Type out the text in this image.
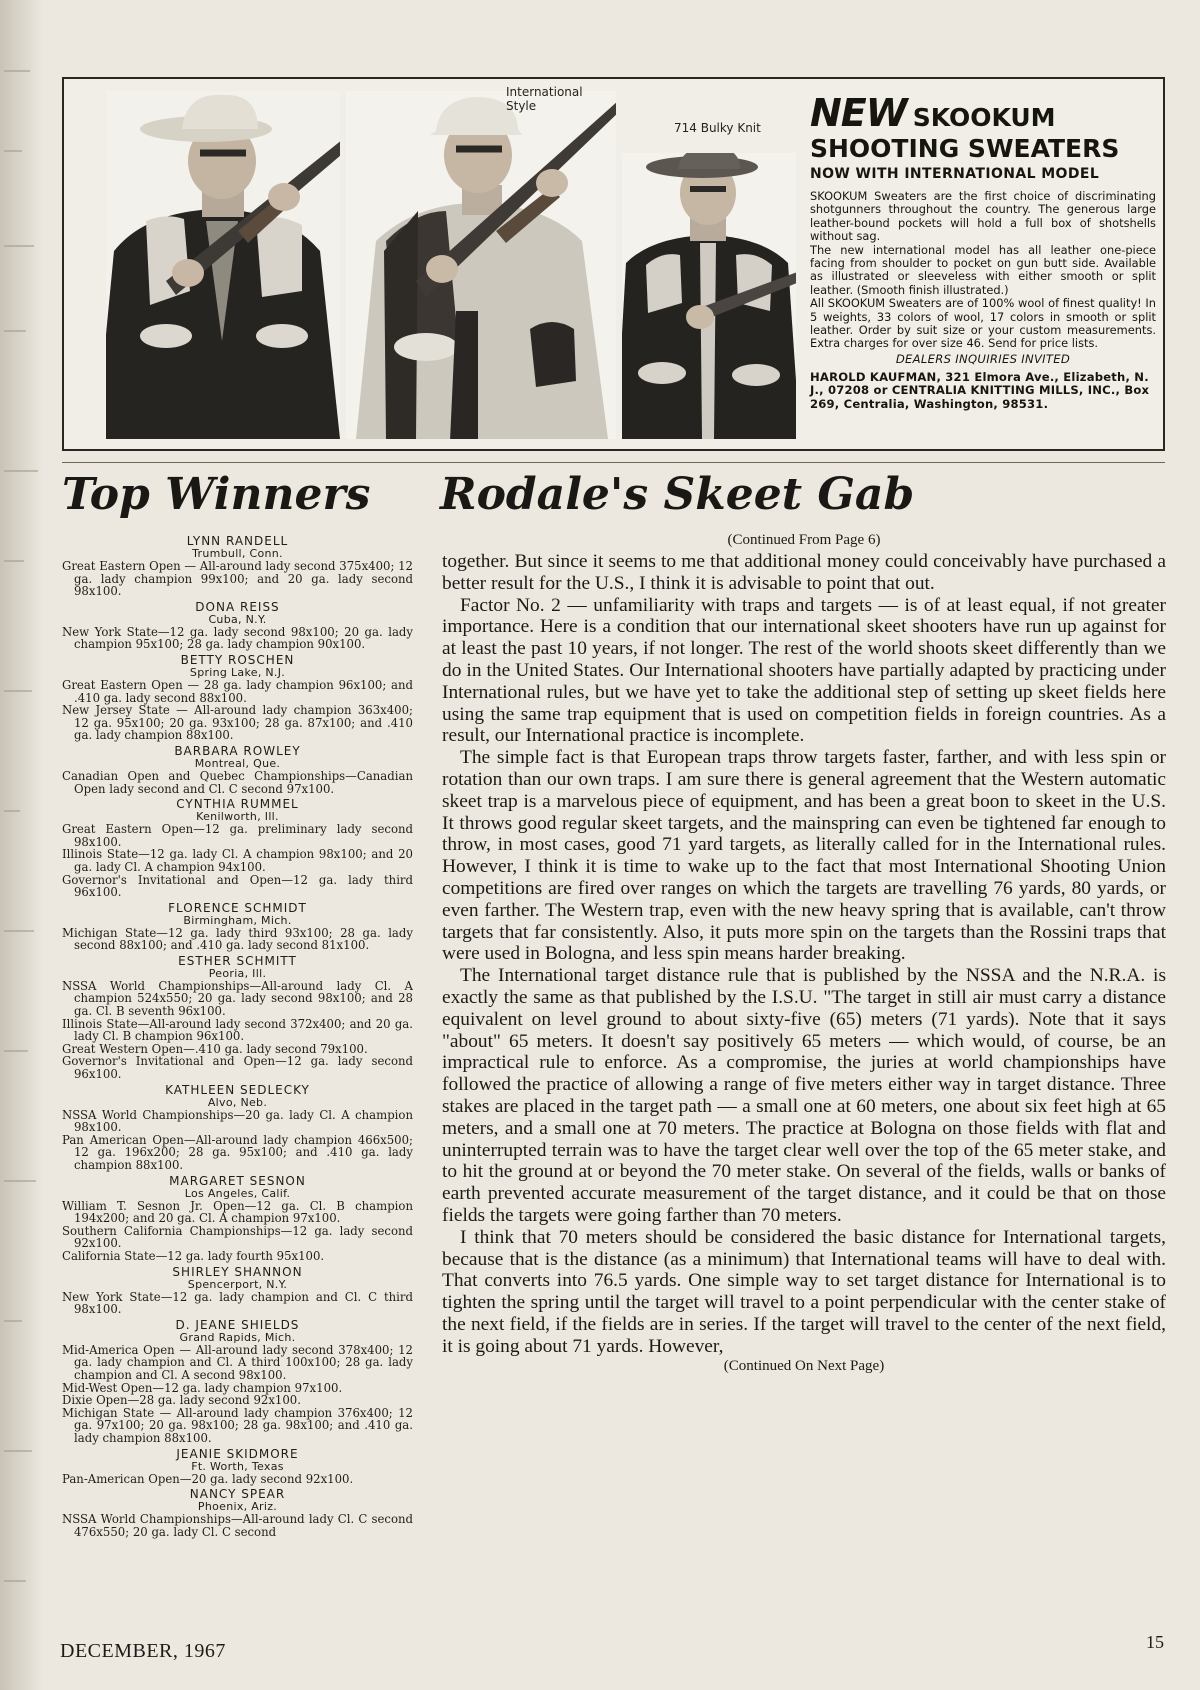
C-3
Weight
International
Style
714 Bulky Knit NEW SKOOKUM
SHOOTING SWEATERS
NOW WITH INTERNATIONAL MODEL

SKOOKUM Sweaters are the first choice of discriminating shotgunners throughout the country. The generous large leather-bound pockets will hold a full box of shotshells without sag.

The new international model has all leather one-piece facing from shoulder to pocket on gun butt side. Available as illustrated or sleeveless with either smooth or split leather. (Smooth finish illustrated.)

All SKOOKUM Sweaters are of 100% wool of finest quality! In 5 weights, 33 colors of wool, 17 colors in smooth or split leather. Order by suit size or your custom measurements. Extra charges for over size 46. Send for price lists.

DEALERS INQUIRIES INVITED
HAROLD KAUFMAN, 321 Elmora Ave., Elizabeth, N. J., 07208 or CENTRALIA KNITTING MILLS, INC., Box 269, Centralia, Washington, 98531.
Top Winners
LYNN RANDELL
Trumbull, Conn.

Great Eastern Open — All-around lady second 375x400; 12 ga. lady champion 99x100; and 20 ga. lady second 98x100.

DONA REISS
Cuba, N.Y.

New York State—12 ga. lady second 98x100; 20 ga. lady champion 95x100; 28 ga. lady champion 90x100.

BETTY ROSCHEN
Spring Lake, N.J.

Great Eastern Open — 28 ga. lady champion 96x100; and .410 ga. lady second 88x100.

New Jersey State — All-around lady champion 363x400; 12 ga. 95x100; 20 ga. 93x100; 28 ga. 87x100; and .410 ga. lady champion 88x100.

BARBARA ROWLEY
Montreal, Que.

Canadian Open and Quebec Championships—Canadian Open lady second and Cl. C second 97x100.

CYNTHIA RUMMEL
Kenilworth, Ill.

Great Eastern Open—12 ga. preliminary lady second 98x100.

Illinois State—12 ga. lady Cl. A champion 98x100; and 20 ga. lady Cl. A champion 94x100.

Governor's Invitational and Open—12 ga. lady third 96x100.

FLORENCE SCHMIDT
Birmingham, Mich.

Michigan State—12 ga. lady third 93x100; 28 ga. lady second 88x100; and .410 ga. lady second 81x100.

ESTHER SCHMITT
Peoria, Ill.

NSSA World Championships—All-around lady Cl. A champion 524x550; 20 ga. lady second 98x100; and 28 ga. Cl. B seventh 96x100.

Illinois State—All-around lady second 372x400; and 20 ga. lady Cl. B champion 96x100.

Great Western Open—.410 ga. lady second 79x100.

Governor's Invitational and Open—12 ga. lady second 96x100.

KATHLEEN SEDLECKY
Alvo, Neb.

NSSA World Championships—20 ga. lady Cl. A champion 98x100.

Pan American Open—All-around lady champion 466x500; 12 ga. 196x200; 28 ga. 95x100; and .410 ga. lady champion 88x100.

MARGARET SESNON
Los Angeles, Calif.

William T. Sesnon Jr. Open—12 ga. Cl. B champion 194x200; and 20 ga. Cl. A champion 97x100.

Southern California Championships—12 ga. lady second 92x100.

California State—12 ga. lady fourth 95x100.

SHIRLEY SHANNON
Spencerport, N.Y.

New York State—12 ga. lady champion and Cl. C third 98x100.

D. JEANE SHIELDS
Grand Rapids, Mich.

Mid-America Open — All-around lady second 378x400; 12 ga. lady champion and Cl. A third 100x100; 28 ga. lady champion and Cl. A second 98x100.

Mid-West Open—12 ga. lady champion 97x100.

Dixie Open—28 ga. lady second 92x100.

Michigan State — All-around lady champion 376x400; 12 ga. 97x100; 20 ga. 98x100; 28 ga. 98x100; and .410 ga. lady champion 88x100.

JEANIE SKIDMORE
Ft. Worth, Texas

Pan-American Open—20 ga. lady second 92x100.

NANCY SPEAR
Phoenix, Ariz.

NSSA World Championships—All-around lady Cl. C second 476x550; 20 ga. lady Cl. C second

Rodale's Skeet Gab
(Continued From Page 6)

together. But since it seems to me that additional money could conceivably have purchased a better result for the U.S., I think it is advisable to point that out.

Factor No. 2 — unfamiliarity with traps and targets — is of at least equal, if not greater importance. Here is a condition that our international skeet shooters have run up against for at least the past 10 years, if not longer. The rest of the world shoots skeet differently than we do in the United States. Our International shooters have partially adapted by practicing under International rules, but we have yet to take the additional step of setting up skeet fields here using the same trap equipment that is used on competition fields in foreign countries. As a result, our International practice is incomplete.

The simple fact is that European traps throw targets faster, farther, and with less spin or rotation than our own traps. I am sure there is general agreement that the Western automatic skeet trap is a marvelous piece of equipment, and has been a great boon to skeet in the U.S. It throws good regular skeet targets, and the mainspring can even be tightened far enough to throw, in most cases, good 71 yard targets, as literally called for in the International rules. However, I think it is time to wake up to the fact that most International Shooting Union competitions are fired over ranges on which the targets are travelling 76 yards, 80 yards, or even farther. The Western trap, even with the new heavy spring that is available, can't throw targets that far consistently. Also, it puts more spin on the targets than the Rossini traps that were used in Bologna, and less spin means harder breaking.

The International target distance rule that is published by the NSSA and the N.R.A. is exactly the same as that published by the I.S.U. "The target in still air must carry a distance equivalent on level ground to about sixty-five (65) meters (71 yards). Note that it says "about" 65 meters. It doesn't say positively 65 meters — which would, of course, be an impractical rule to enforce. As a compromise, the juries at world championships have followed the practice of allowing a range of five meters either way in target distance. Three stakes are placed in the target path — a small one at 60 meters, one about six feet high at 65 meters, and a small one at 70 meters. The practice at Bologna on those fields with flat and uninterrupted terrain was to have the target clear well over the top of the 65 meter stake, and to hit the ground at or beyond the 70 meter stake. On several of the fields, walls or banks of earth prevented accurate measurement of the target distance, and it could be that on those fields the targets were going farther than 70 meters.

I think that 70 meters should be considered the basic distance for International targets, because that is the distance (as a minimum) that International teams will have to deal with. That converts into 76.5 yards. One simple way to set target distance for International is to tighten the spring until the target will travel to a point perpendicular with the center stake of the next field, if the fields are in series. If the target will travel to the center of the next field, it is going about 71 yards. However,

(Continued On Next Page)
DECEMBER, 1967	15
